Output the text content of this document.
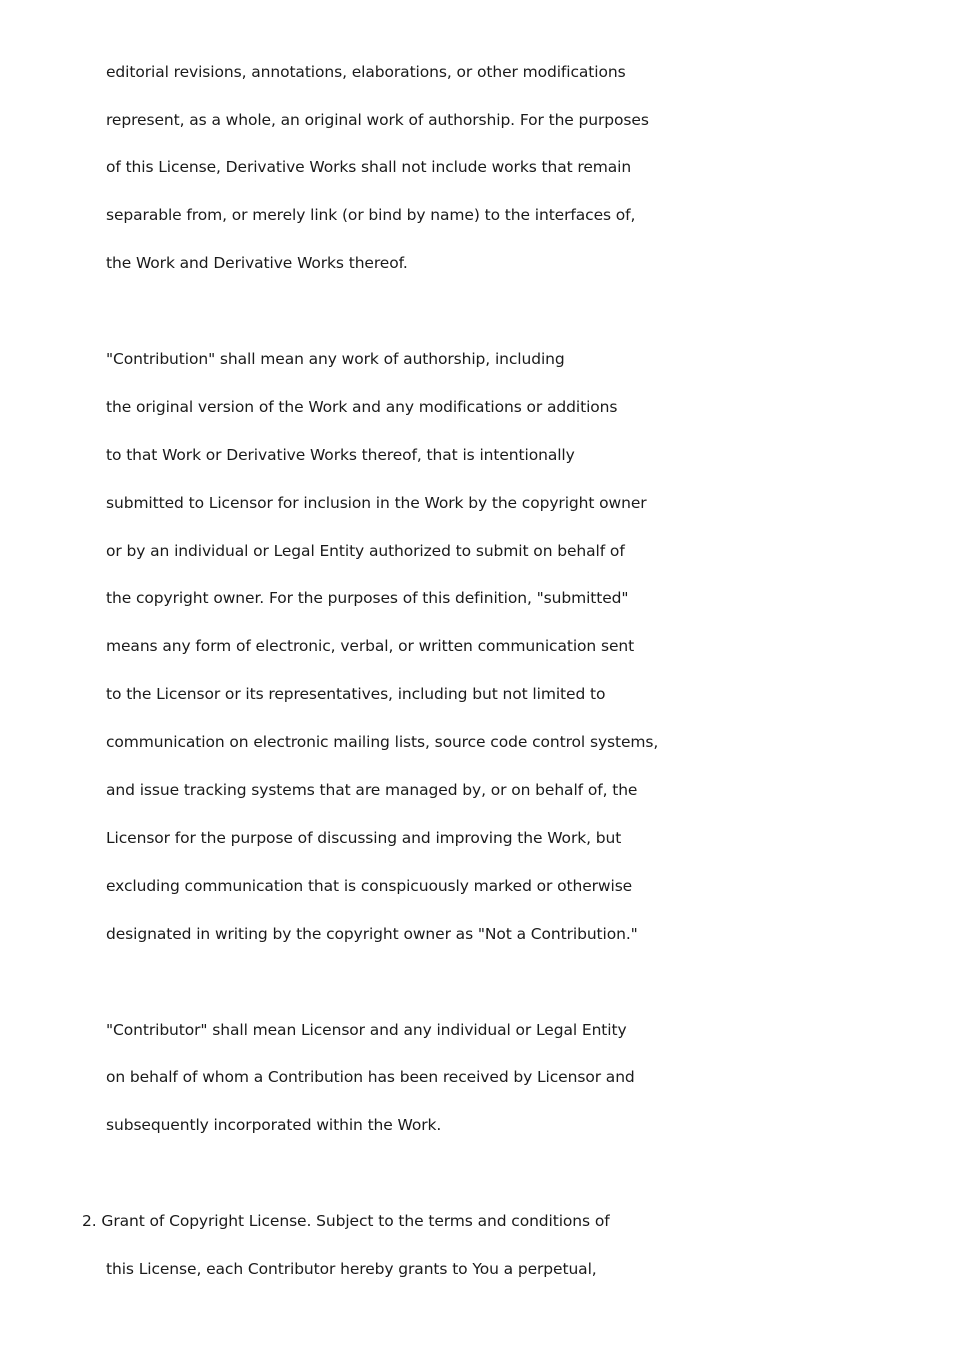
editorial revisions, annotations, elaborations, or other modifications
represent, as a whole, an original work of authorship. For the purposes
of this License, Derivative Works shall not include works that remain
separable from, or merely link (or bind by name) to the interfaces of,
the Work and Derivative Works thereof.
"Contribution" shall mean any work of authorship, including
the original version of the Work and any modifications or additions
to that Work or Derivative Works thereof, that is intentionally
submitted to Licensor for inclusion in the Work by the copyright owner
or by an individual or Legal Entity authorized to submit on behalf of
the copyright owner. For the purposes of this definition, "submitted"
means any form of electronic, verbal, or written communication sent
to the Licensor or its representatives, including but not limited to
communication on electronic mailing lists, source code control systems,
and issue tracking systems that are managed by, or on behalf of, the
Licensor for the purpose of discussing and improving the Work, but
excluding communication that is conspicuously marked or otherwise
designated in writing by the copyright owner as "Not a Contribution."
"Contributor" shall mean Licensor and any individual or Legal Entity
on behalf of whom a Contribution has been received by Licensor and
subsequently incorporated within the Work.
2. Grant of Copyright License. Subject to the terms and conditions of
this License, each Contributor hereby grants to You a perpetual,
